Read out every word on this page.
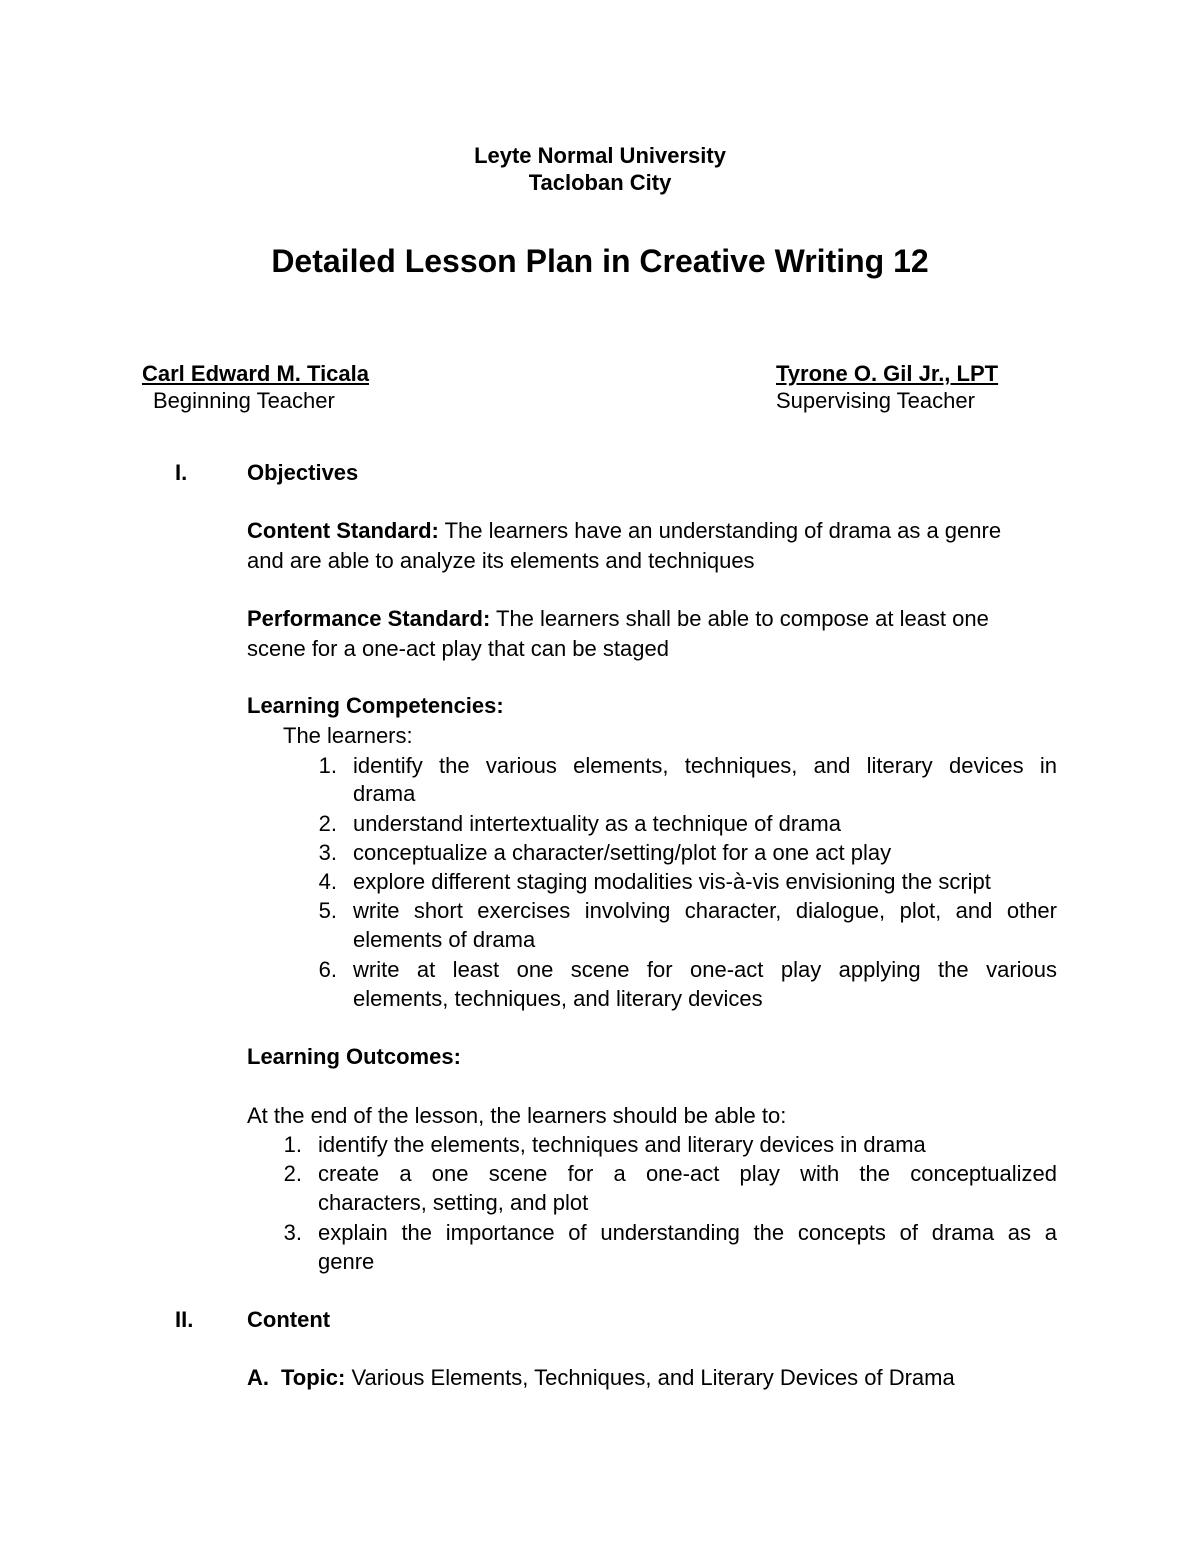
Leyte Normal University
Tacloban City
Detailed Lesson Plan in Creative Writing 12
Carl Edward M. Ticala
Beginning Teacher
Tyrone O. Gil Jr., LPT
Supervising Teacher
I.	Objectives
Content Standard: The learners have an understanding of drama as a genre
and are able to analyze its elements and techniques
Performance Standard: The learners shall be able to compose at least one
scene for a one-act play that can be staged
Learning Competencies:
The learners:
1. identify the various elements, techniques, and literary devices in
drama
2. understand intertextuality as a technique of drama
3. conceptualize a character/setting/plot for a one act play
4. explore different staging modalities vis-à-vis envisioning the script
5. write short exercises involving character, dialogue, plot, and other
elements of drama
6. write at least one scene for one-act play applying the various
elements, techniques, and literary devices
Learning Outcomes:
At the end of the lesson, the learners should be able to:
1. identify the elements, techniques and literary devices in drama
2. create a one scene for a one-act play with the conceptualized
characters, setting, and plot
3. explain the importance of understanding the concepts of drama as a
genre
II. Content
A. Topic: Various Elements, Techniques, and Literary Devices of Drama
